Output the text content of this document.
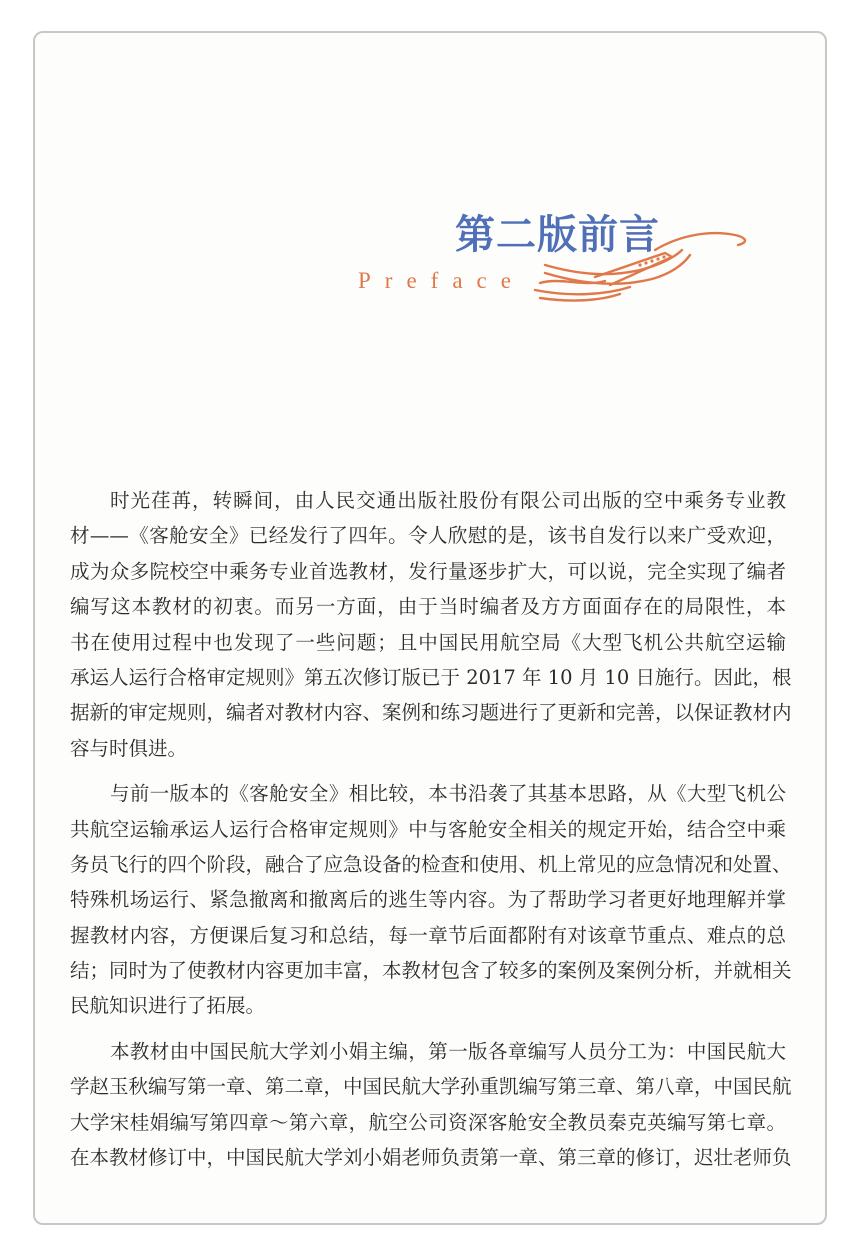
第二版前言
Preface
时光荏苒，转瞬间，由人民交通出版社股份有限公司出版的空中乘务专业教
材——《客舱安全》已经发行了四年。令人欣慰的是，该书自发行以来广受欢迎，
成为众多院校空中乘务专业首选教材，发行量逐步扩大，可以说，完全实现了编者
编写这本教材的初衷。而另一方面，由于当时编者及方方面面存在的局限性，本
书在使用过程中也发现了一些问题；且中国民用航空局《大型飞机公共航空运输
承运人运行合格审定规则》第五次修订版已于 2017 年 10 月 10 日施行。因此，根
据新的审定规则，编者对教材内容、案例和练习题进行了更新和完善，以保证教材内
容与时俱进。
与前一版本的《客舱安全》相比较，本书沿袭了其基本思路，从《大型飞机公
共航空运输承运人运行合格审定规则》中与客舱安全相关的规定开始，结合空中乘
务员飞行的四个阶段，融合了应急设备的检查和使用、机上常见的应急情况和处置、
特殊机场运行、紧急撤离和撤离后的逃生等内容。为了帮助学习者更好地理解并掌
握教材内容，方便课后复习和总结，每一章节后面都附有对该章节重点、难点的总
结；同时为了使教材内容更加丰富，本教材包含了较多的案例及案例分析，并就相关
民航知识进行了拓展。
本教材由中国民航大学刘小娟主编，第一版各章编写人员分工为：中国民航大
学赵玉秋编写第一章、第二章，中国民航大学孙重凯编写第三章、第八章，中国民航
大学宋桂娟编写第四章～第六章，航空公司资深客舱安全教员秦克英编写第七章。
在本教材修订中，中国民航大学刘小娟老师负责第一章、第三章的修订，迟壮老师负
